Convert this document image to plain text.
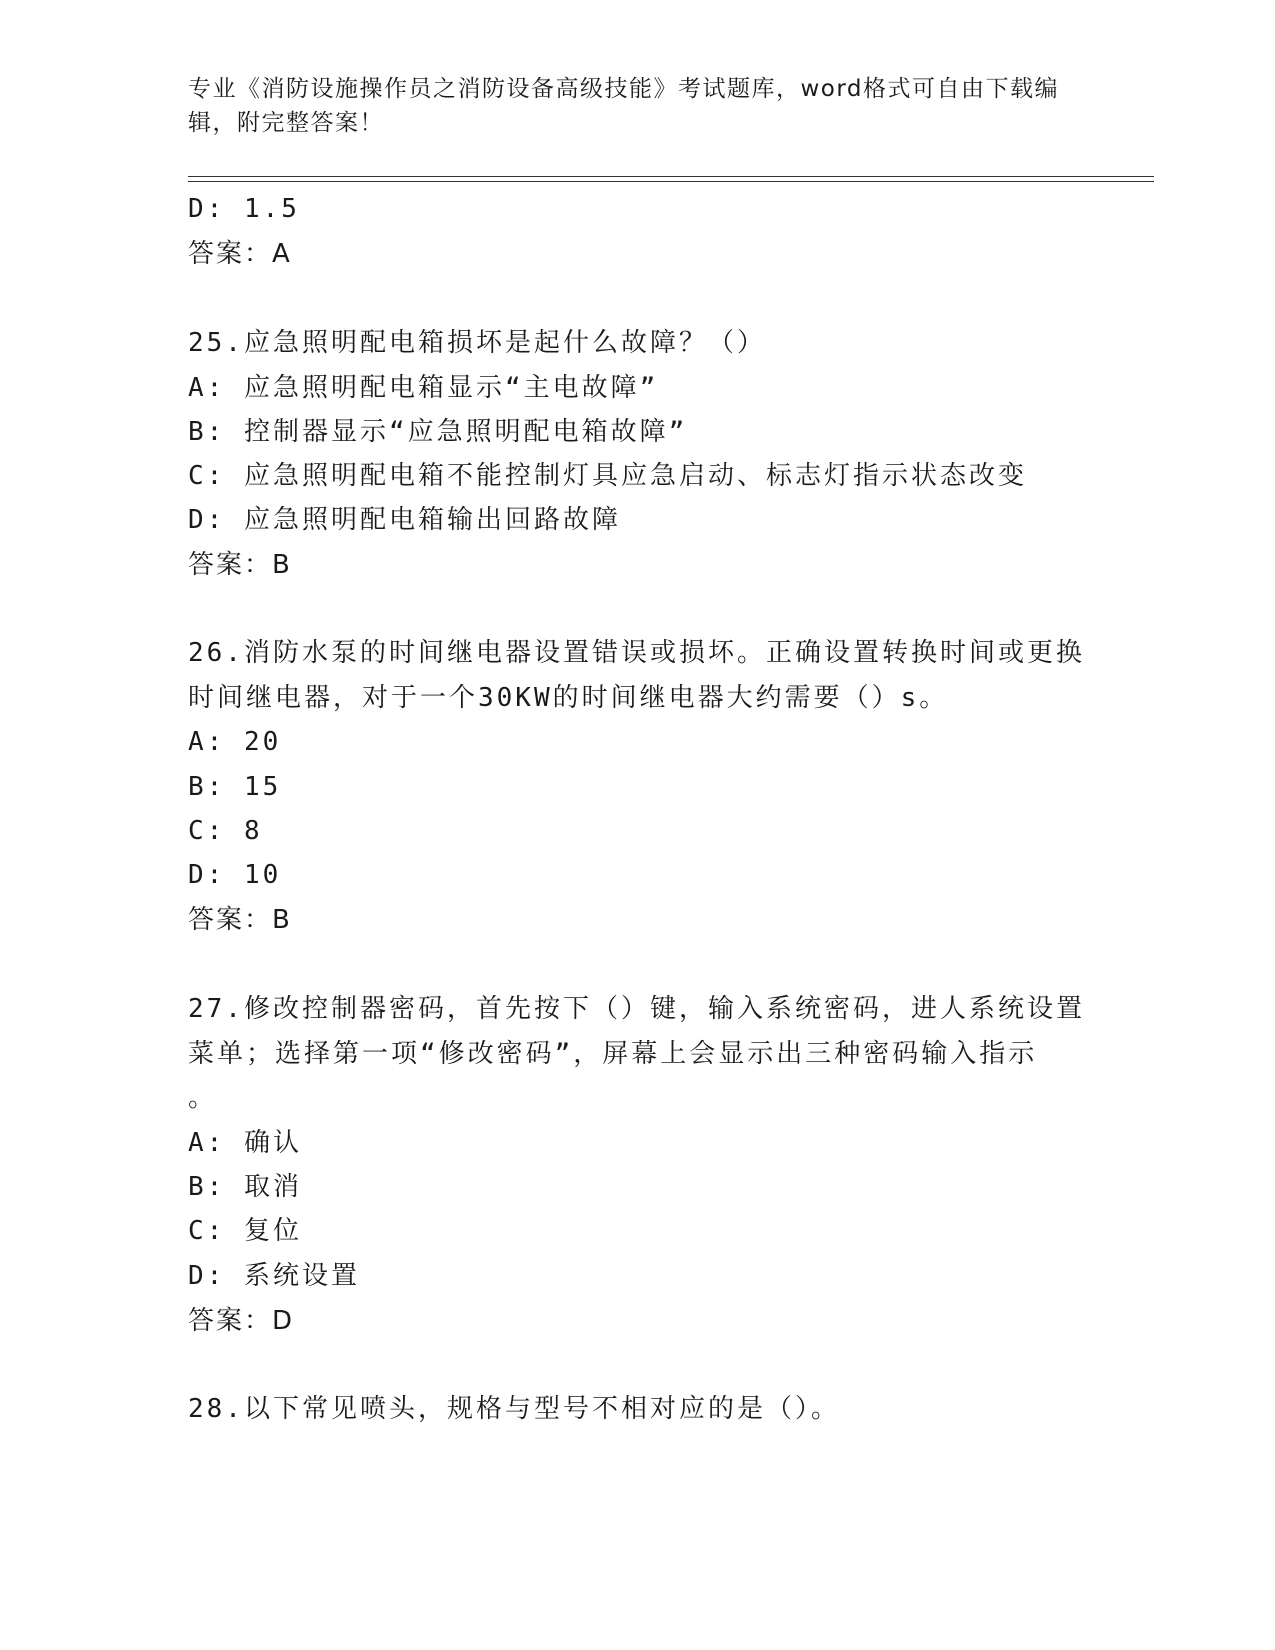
专业《消防设施操作员之消防设备高级技能》考试题库，word格式可自由下载编
辑，附完整答案！
D: 1.5
答案：A
25.应急照明配电箱损坏是起什么故障？（）
A: 应急照明配电箱显示“主电故障”
B: 控制器显示“应急照明配电箱故障”
C: 应急照明配电箱不能控制灯具应急启动、标志灯指示状态改变
D: 应急照明配电箱输出回路故障
答案：B
26.消防水泵的时间继电器设置错误或损坏。正确设置转换时间或更换
时间继电器，对于一个30KW的时间继电器大约需要（）s。
A: 20
B: 15
C: 8
D: 10
答案：B
27.修改控制器密码，首先按下（）键，输入系统密码，进人系统设置
菜单；选择第一项“修改密码”，屏幕上会显示出三种密码输入指示
。
A: 确认
B: 取消
C: 复位
D: 系统设置
答案：D
28.以下常见喷头，规格与型号不相对应的是（）。
